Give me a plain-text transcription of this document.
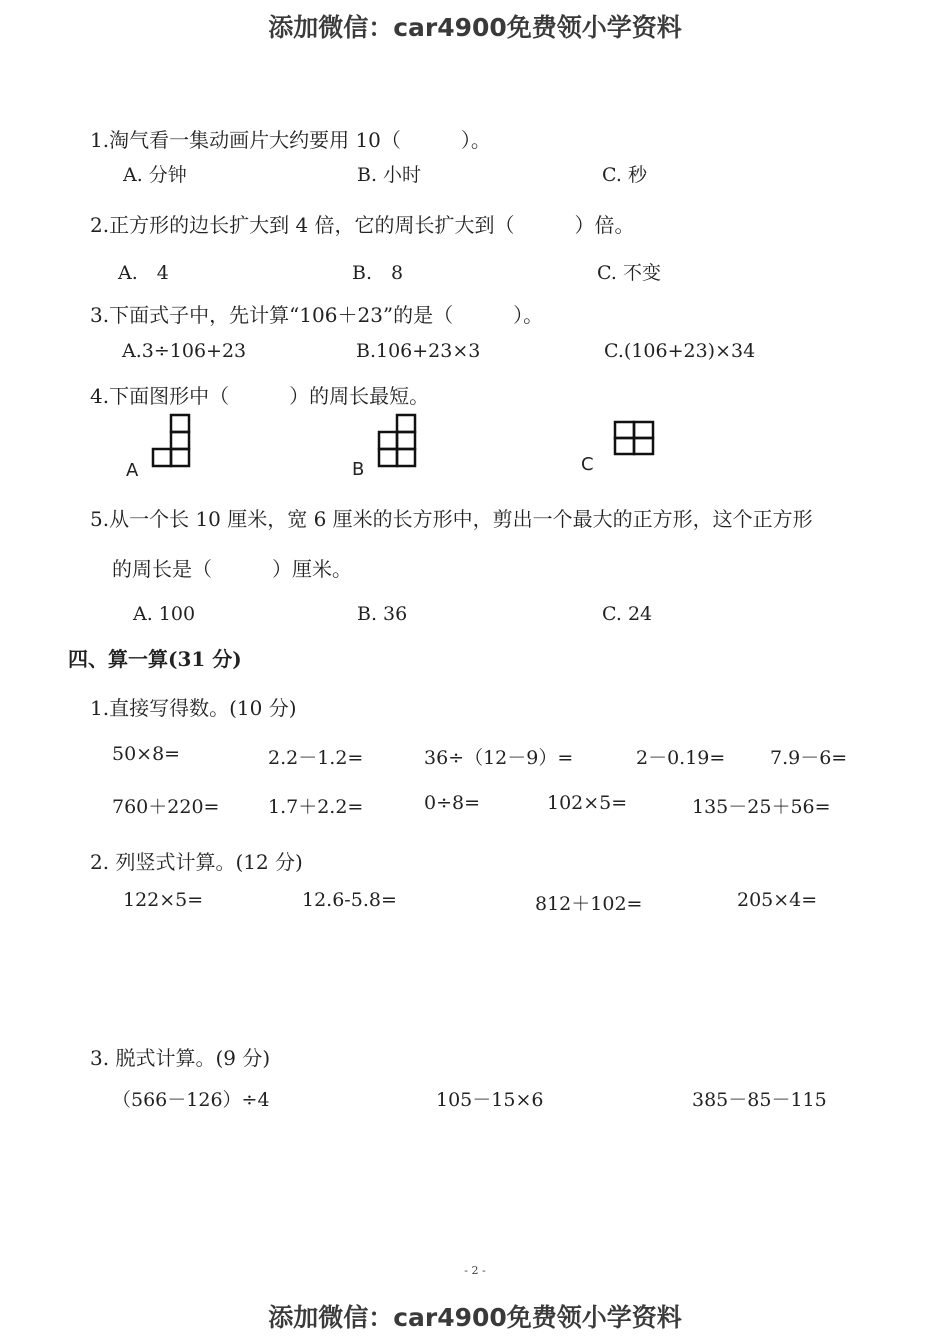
添加微信：car4900免费领小学资料
1.淘气看一集动画片大约要用 10（　　　）。
A. 分钟	B. 小时	C. 秒
2.正方形的边长扩大到 4 倍，它的周长扩大到（　　　）倍。
A.　4	B.　8	C. 不变
3.下面式子中，先计算“106＋23”的是（　　　）。
A.3÷106+23	B.106+23×3	C.(106+23)×34
4.下面图形中（　　　）的周长最短。
A	B	C
5.从一个长 10 厘米，宽 6 厘米的长方形中，剪出一个最大的正方形，这个正方形
的周长是（　　　）厘米。
A. 100	B. 36	C. 24
四、算一算(31 分)
1.直接写得数。(10 分)
50×8=	2.2－1.2=	36÷（12－9）=	2－0.19= 7.9－6=
760＋220=	1.7＋2.2=	0÷8=	102×5=	135－25＋56=
2. 列竖式计算。(12 分)
122×5=	12.6-5.8=	812＋102=	205×4=
3. 脱式计算。(9 分)
（566－126）÷4	105－15×6	385－85－115
- 2 -
添加微信：car4900免费领小学资料
